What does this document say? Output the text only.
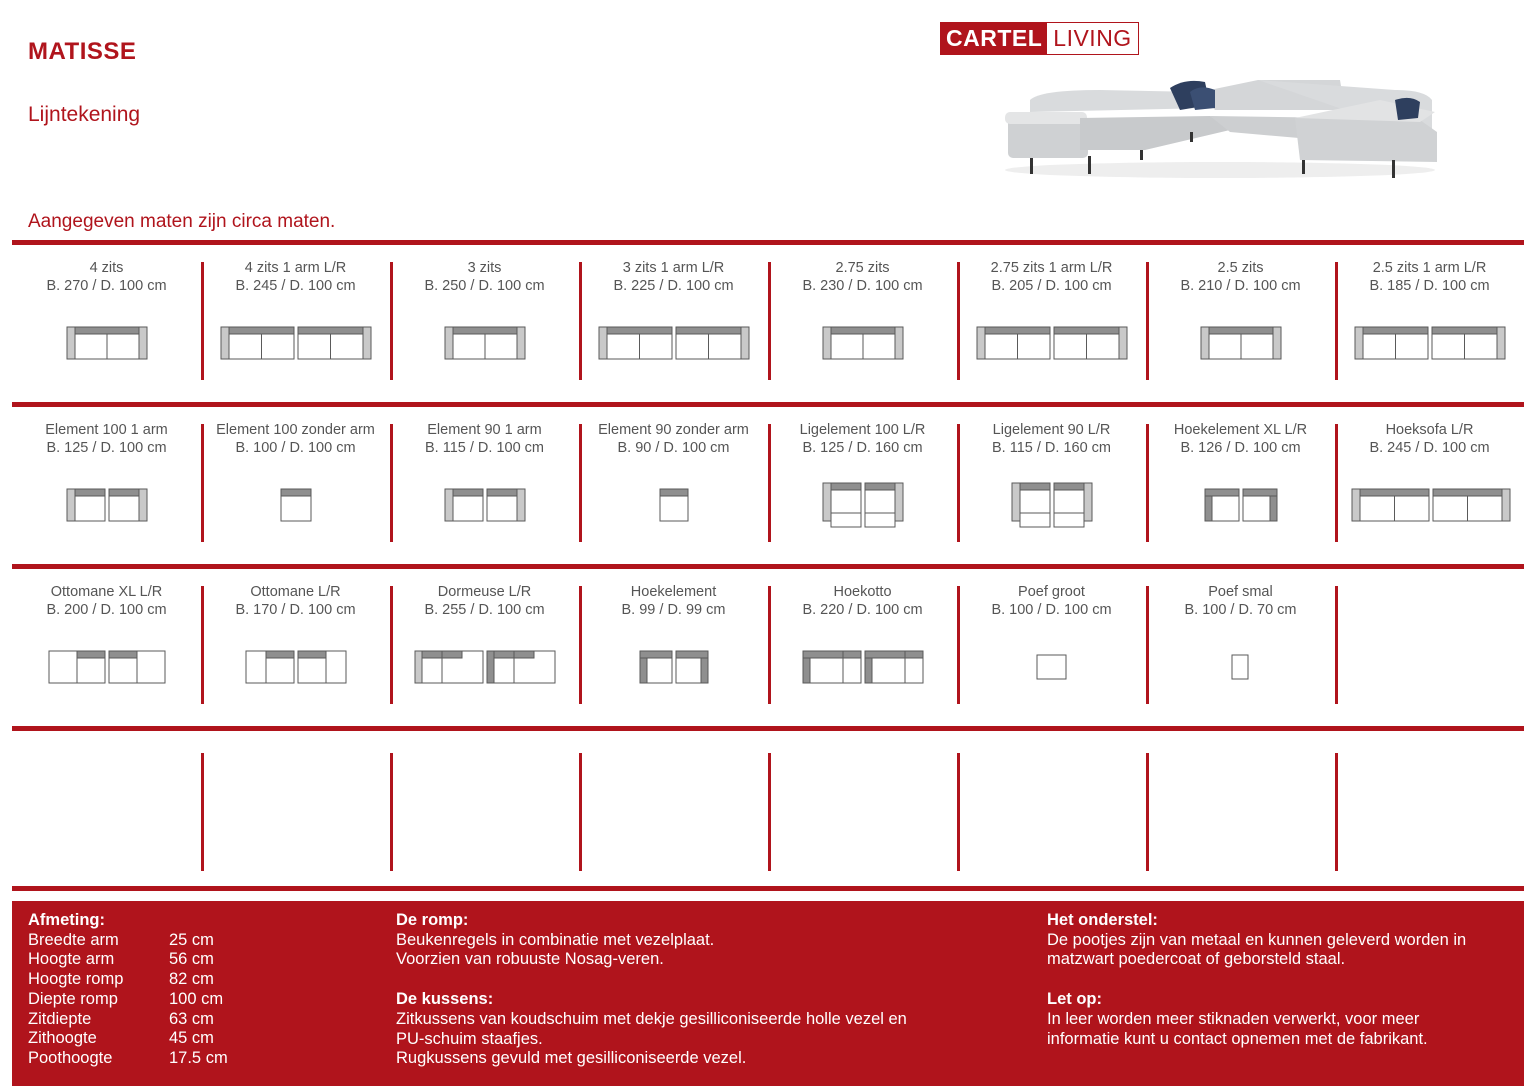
MATISSE
Lijntekening
Aangegeven maten zijn circa maten.
CARTEL LIVING
4 zits
B. 270 / D. 100 cm
4 zits 1 arm L/R
B. 245 / D. 100 cm
3 zits
B. 250 / D. 100 cm
3 zits 1 arm L/R
B. 225 / D. 100 cm
2.75 zits
B. 230 / D. 100 cm
2.75 zits 1 arm L/R
B. 205 / D. 100 cm
2.5 zits
B. 210 / D. 100 cm
2.5 zits 1 arm L/R
B. 185 / D. 100 cm
Element 100 1 arm
B. 125 / D. 100 cm
Element 100 zonder arm
B. 100 / D. 100 cm
Element 90 1 arm
B. 115 / D. 100 cm
Element 90 zonder arm
B. 90 / D. 100 cm
Ligelement 100 L/R
B. 125 / D. 160 cm
Ligelement 90 L/R
B. 115 / D. 160 cm
Hoekelement XL L/R
B. 126 / D. 100 cm
Hoeksofa L/R
B. 245 / D. 100 cm
Ottomane XL L/R
B. 200 / D. 100 cm
Ottomane L/R
B. 170 / D. 100 cm
Dormeuse L/R
B. 255 / D. 100 cm
Hoekelement
B. 99 / D. 99 cm
Hoekotto
B. 220 / D. 100 cm
Poef groot
B. 100 / D. 100 cm
Poef smal
B. 100 / D. 70 cm
Afmeting:
Breedte arm	25 cm
Hoogte arm	56 cm
Hoogte romp	82 cm
Diepte romp	100 cm
Zitdiepte	63 cm
Zithoogte	45 cm
Poothoogte	17.5 cm
De romp:
Beukenregels in combinatie met vezelplaat.
Voorzien van robuuste Nosag-veren.
De kussens:
Zitkussens van koudschuim met dekje gesilliconiseerde holle vezel en
PU-schuim staafjes.
Rugkussens gevuld met gesilliconiseerde vezel.
Het onderstel:
De pootjes zijn van metaal en kunnen geleverd worden in
matzwart poedercoat of geborsteld staal.
Let op:
In leer worden meer stiknaden verwerkt, voor meer
informatie kunt u contact opnemen met de fabrikant.
